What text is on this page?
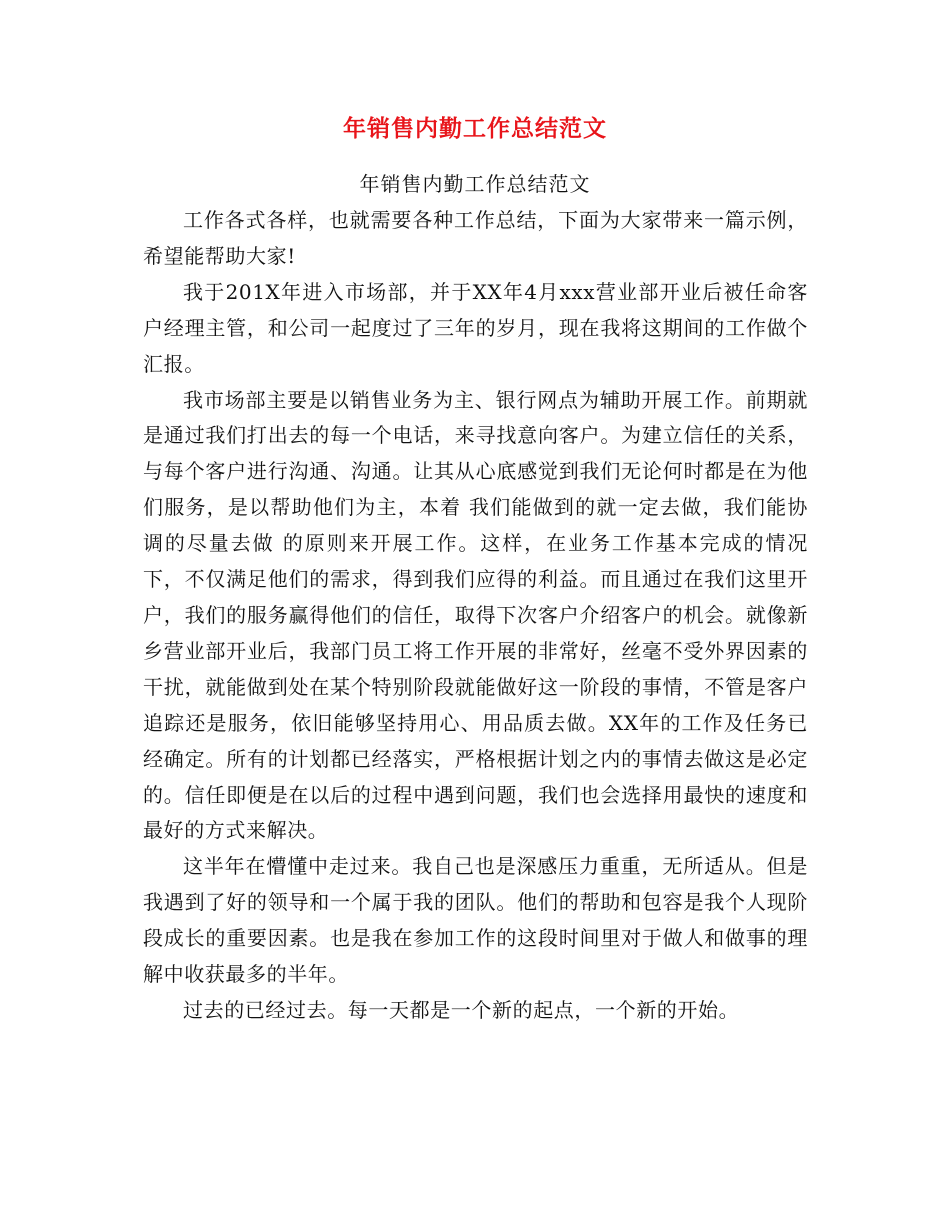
年销售内勤工作总结范文
年销售内勤工作总结范文

工作各式各样，也就需要各种工作总结，下面为大家带来一篇示例，希望能帮助大家!

我于201X年进入市场部，并于XX年4月xxx营业部开业后被任命客户经理主管，和公司一起度过了三年的岁月，现在我将这期间的工作做个汇报。

我市场部主要是以销售业务为主、银行网点为辅助开展工作。前期就是通过我们打出去的每一个电话，来寻找意向客户。为建立信任的关系，与每个客户进行沟通、沟通。让其从心底感觉到我们无论何时都是在为他们服务，是以帮助他们为主，本着 我们能做到的就一定去做，我们能协调的尽量去做 的原则来开展工作。这样，在业务工作基本完成的情况下，不仅满足他们的需求，得到我们应得的利益。而且通过在我们这里开户，我们的服务赢得他们的信任，取得下次客户介绍客户的机会。就像新乡营业部开业后，我部门员工将工作开展的非常好，丝毫不受外界因素的干扰，就能做到处在某个特别阶段就能做好这一阶段的事情，不管是客户追踪还是服务，依旧能够坚持用心、用品质去做。XX年的工作及任务已经确定。所有的计划都已经落实，严格根据计划之内的事情去做这是必定的。信任即便是在以后的过程中遇到问题，我们也会选择用最快的速度和最好的方式来解决。

这半年在懵懂中走过来。我自己也是深感压力重重，无所适从。但是我遇到了好的领导和一个属于我的团队。他们的帮助和包容是我个人现阶段成长的重要因素。也是我在参加工作的这段时间里对于做人和做事的理解中收获最多的半年。

过去的已经过去。每一天都是一个新的起点，一个新的开始。
